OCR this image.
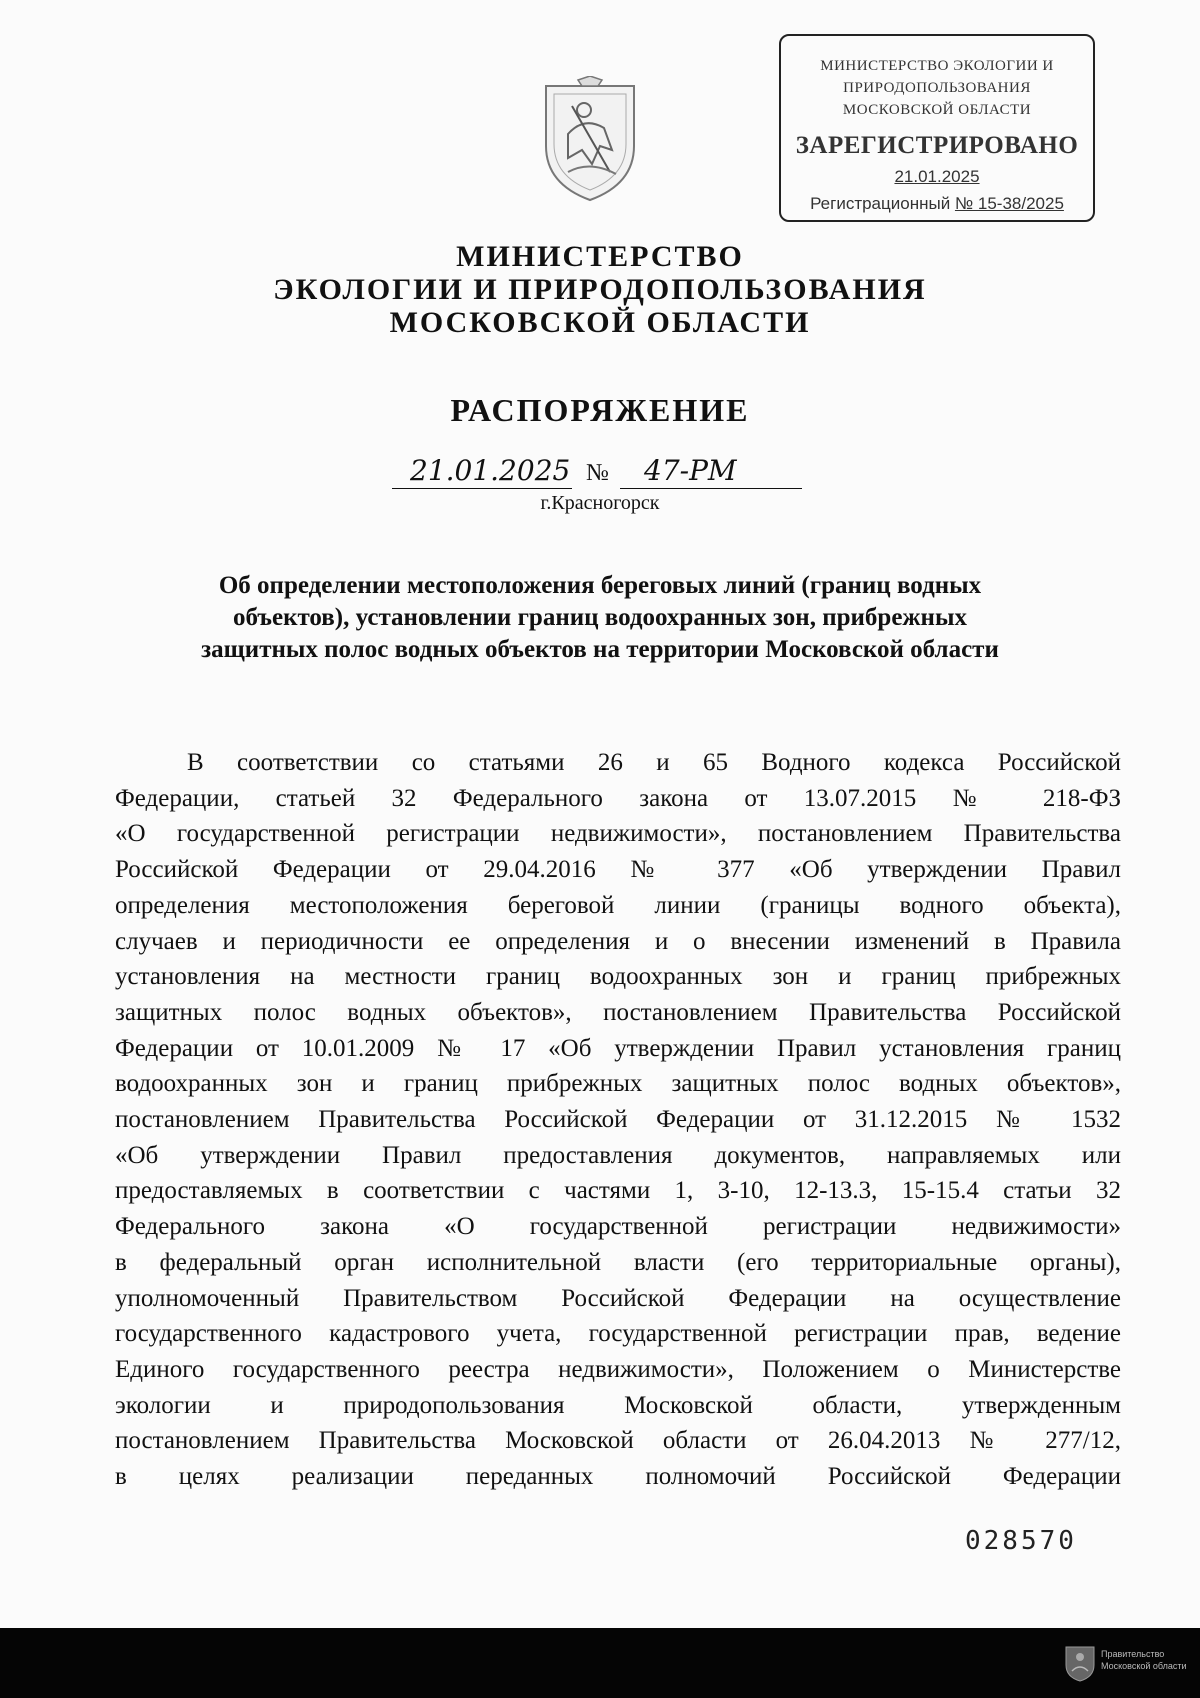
МИНИСТЕРСТВО ЭКОЛОГИИ И
ПРИРОДОПОЛЬЗОВАНИЯ
МОСКОВСКОЙ ОБЛАСТИ
ЗАРЕГИСТРИРОВАНО
21.01.2025
Регистрационный № 15-38/2025
МИНИСТЕРСТВО
ЭКОЛОГИИ И ПРИРОДОПОЛЬЗОВАНИЯ
МОСКОВСКОЙ ОБЛАСТИ
РАСПОРЯЖЕНИЕ
21.01.2025 № 47-РМ
г.Красногорск
Об определении местоположения береговых линий (границ водных
объектов), установлении границ водоохранных зон, прибрежных
защитных полос водных объектов на территории Московской области
В соответствии со статьями 26 и 65 Водного кодекса Российской
Федерации, статьей 32 Федерального закона от 13.07.2015 № 218-ФЗ
«О государственной регистрации недвижимости», постановлением Правительства
Российской Федерации от 29.04.2016 № 377 «Об утверждении Правил
определения местоположения береговой линии (границы водного объекта),
случаев и периодичности ее определения и о внесении изменений в Правила
установления на местности границ водоохранных зон и границ прибрежных
защитных полос водных объектов», постановлением Правительства Российской
Федерации от 10.01.2009 № 17 «Об утверждении Правил установления границ
водоохранных зон и границ прибрежных защитных полос водных объектов»,
постановлением Правительства Российской Федерации от 31.12.2015 № 1532
«Об утверждении Правил предоставления документов, направляемых или
предоставляемых в соответствии с частями 1, 3-10, 12-13.3, 15-15.4 статьи 32
Федерального закона «О государственной регистрации недвижимости»
в федеральный орган исполнительной власти (его территориальные органы),
уполномоченный Правительством Российской Федерации на осуществление
государственного кадастрового учета, государственной регистрации прав, ведение
Единого государственного реестра недвижимости», Положением о Министерстве
экологии и природопользования Московской области, утвержденным
постановлением Правительства Московской области от 26.04.2013 № 277/12,
в целях реализации переданных полномочий Российской Федерации
028570
Правительство
Московской области
